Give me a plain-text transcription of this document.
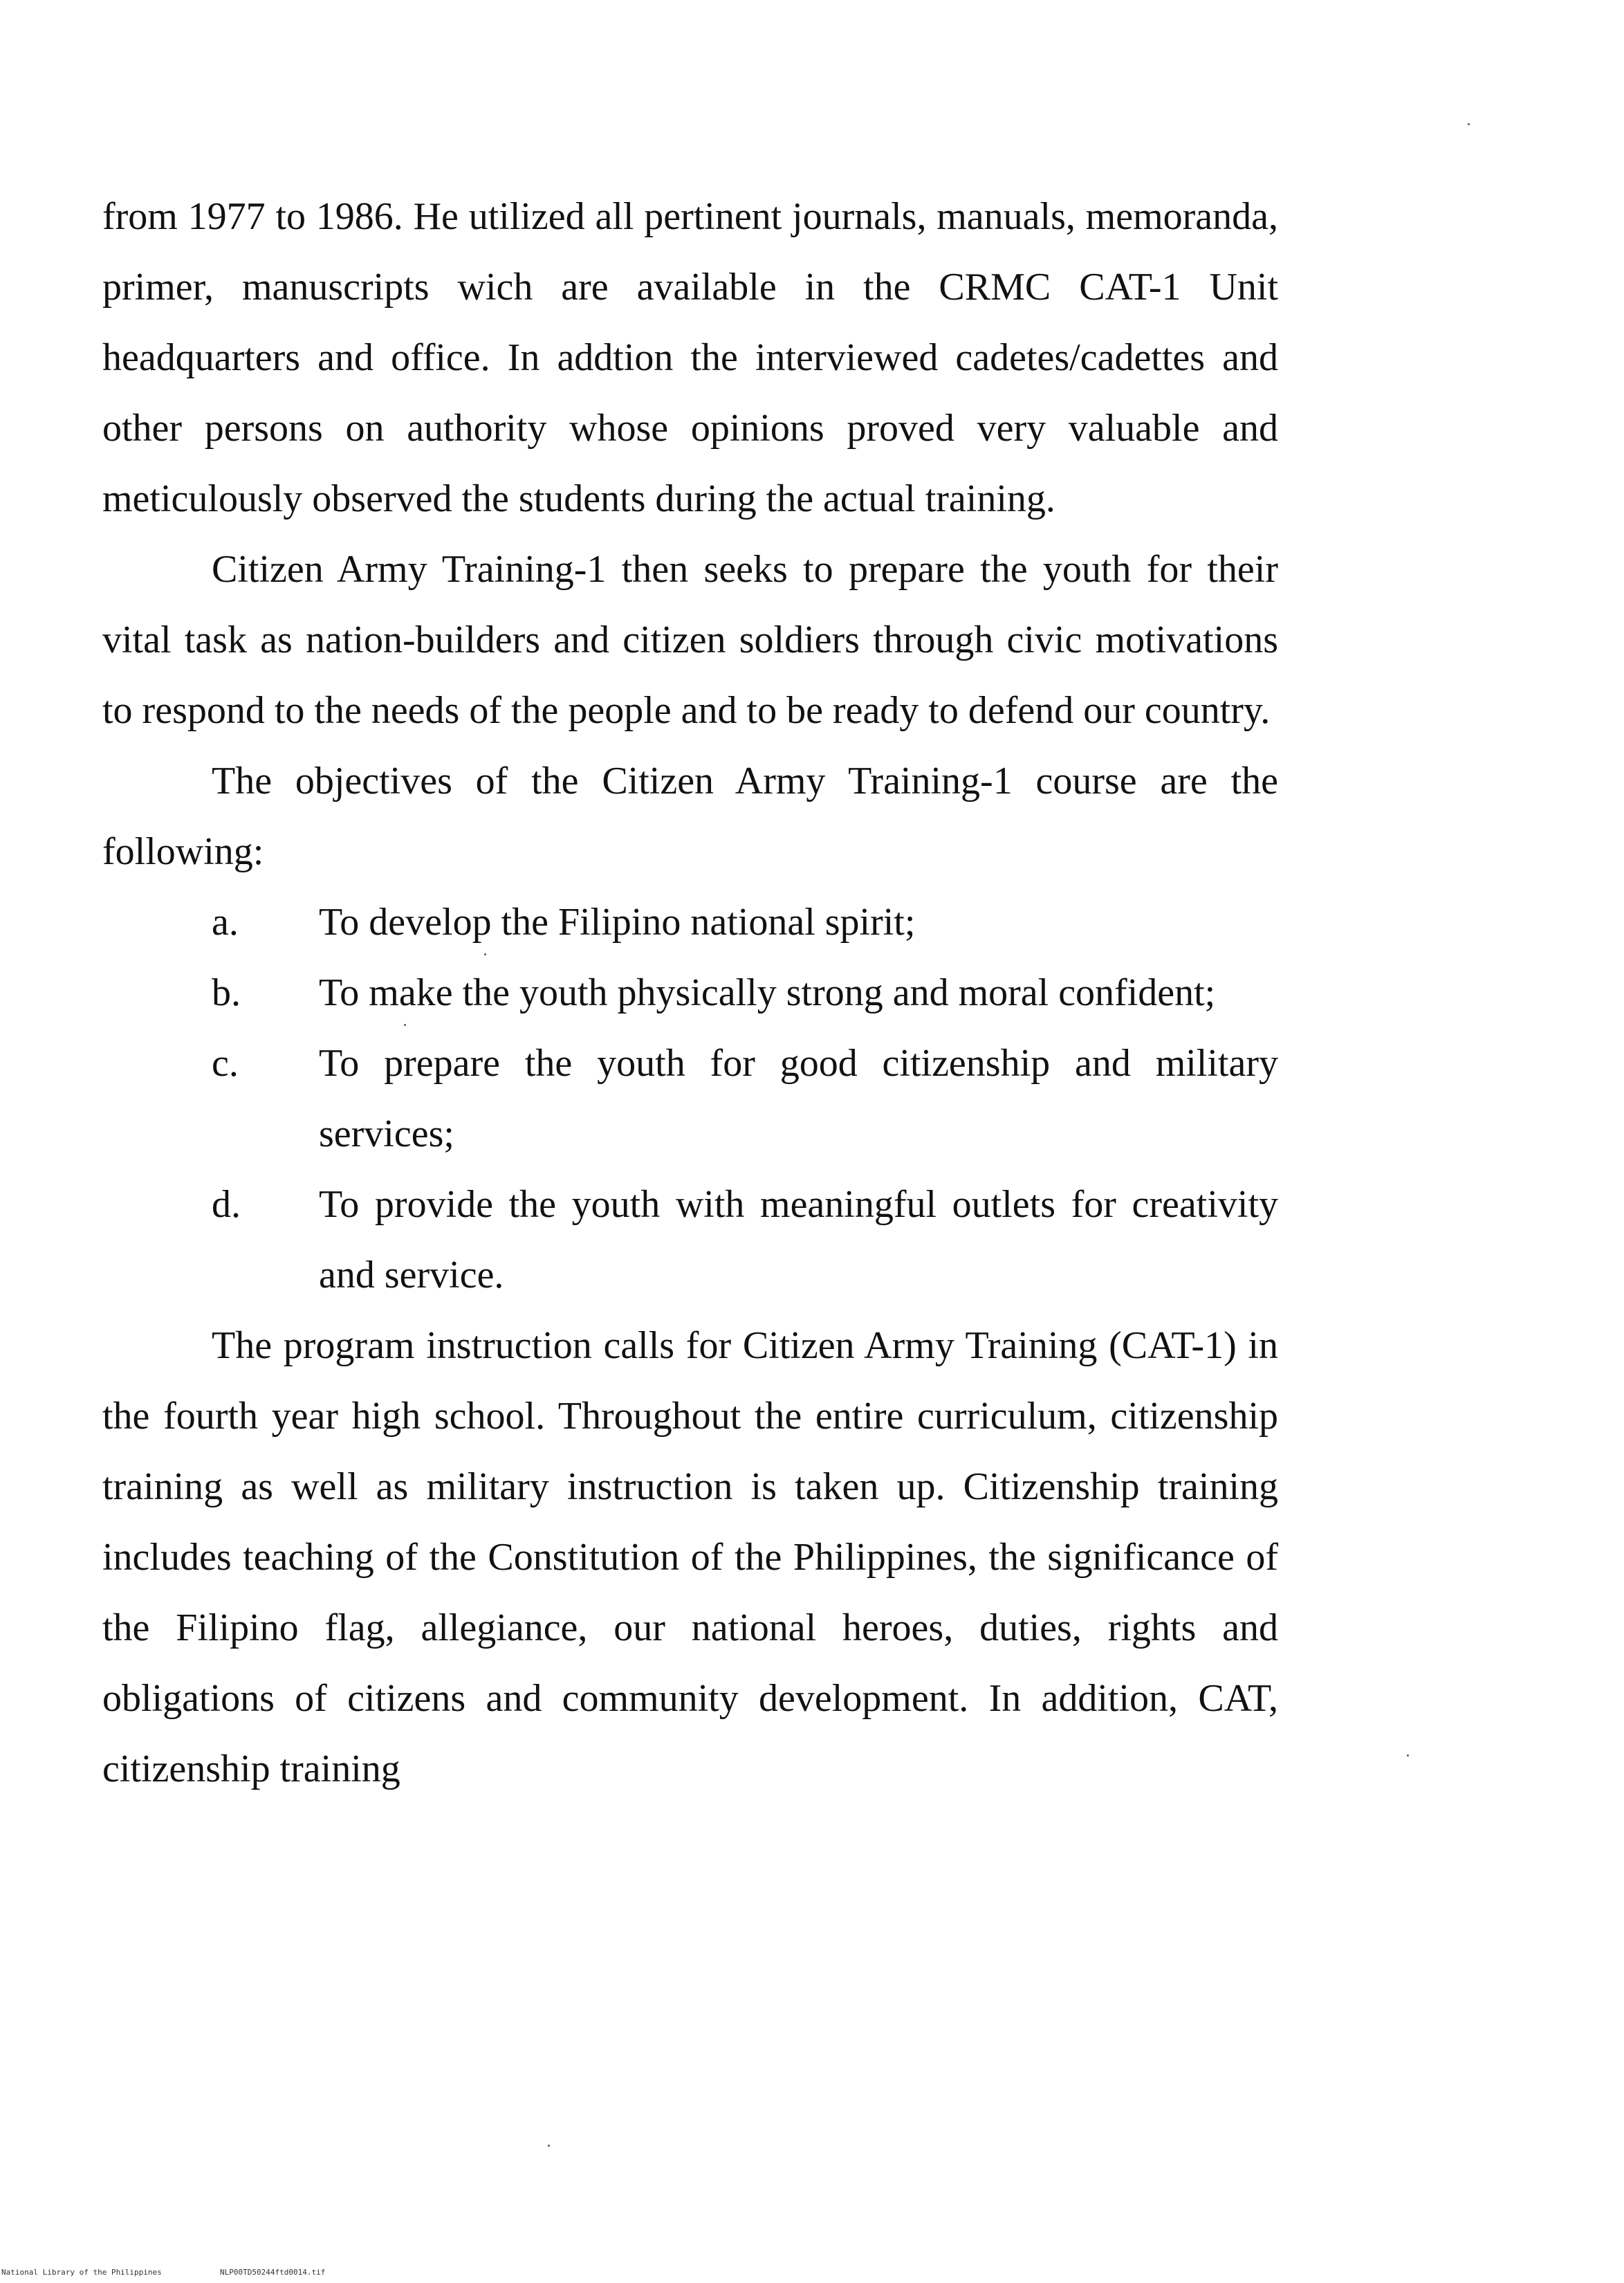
from 1977 to 1986. He utilized all pertinent journals, manuals, memoranda, primer, manuscripts wich are available in the CRMC CAT-1 Unit headquarters and office. In addtion the interviewed cadetes/cadettes and other persons on authority whose opinions proved very valuable and meticulously observed the students during the actual training.

Citizen Army Training-1 then seeks to prepare the youth for their vital task as nation-builders and citizen soldiers through civic motivations to respond to the needs of the people and to be ready to defend our country.

The objectives of the Citizen Army Training-1 course are the following:

a.	To develop the Filipino national spirit;
b.	To make the youth physically strong and moral confident;
c.	To prepare the youth for good citizenship and military services;
d.	To provide the youth with meaningful outlets for creativity and service.

The program instruction calls for Citizen Army Training (CAT-1) in the fourth year high school. Throughout the entire curriculum, citizenship training as well as military instruction is taken up. Citizenship training includes teaching of the Constitution of the Philippines, the significance of the Filipino flag, allegiance, our national heroes, duties, rights and obligations of citizens and community development. In addition, CAT, citizenship training

National Library of the Philippines	NLP00TD50244ftd0014.tif
